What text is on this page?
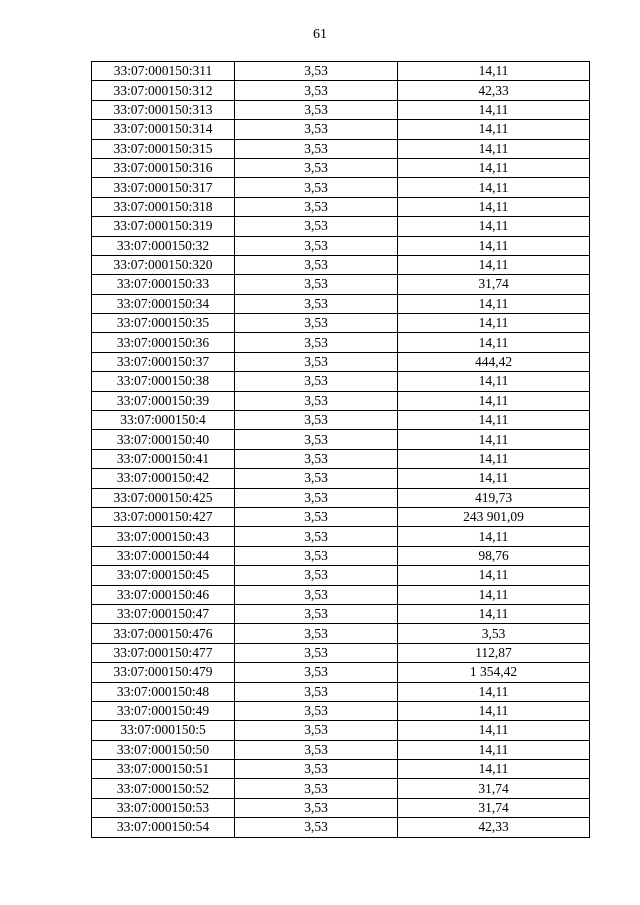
61
33:07:000150:311	3,53	14,11
33:07:000150:312	3,53	42,33
33:07:000150:313	3,53	14,11
33:07:000150:314	3,53	14,11
33:07:000150:315	3,53	14,11
33:07:000150:316	3,53	14,11
33:07:000150:317	3,53	14,11
33:07:000150:318	3,53	14,11
33:07:000150:319	3,53	14,11
33:07:000150:32	3,53	14,11
33:07:000150:320	3,53	14,11
33:07:000150:33	3,53	31,74
33:07:000150:34	3,53	14,11
33:07:000150:35	3,53	14,11
33:07:000150:36	3,53	14,11
33:07:000150:37	3,53	444,42
33:07:000150:38	3,53	14,11
33:07:000150:39	3,53	14,11
33:07:000150:4	3,53	14,11
33:07:000150:40	3,53	14,11
33:07:000150:41	3,53	14,11
33:07:000150:42	3,53	14,11
33:07:000150:425	3,53	419,73
33:07:000150:427	3,53	243 901,09
33:07:000150:43	3,53	14,11
33:07:000150:44	3,53	98,76
33:07:000150:45	3,53	14,11
33:07:000150:46	3,53	14,11
33:07:000150:47	3,53	14,11
33:07:000150:476	3,53	3,53
33:07:000150:477	3,53	112,87
33:07:000150:479	3,53	1 354,42
33:07:000150:48	3,53	14,11
33:07:000150:49	3,53	14,11
33:07:000150:5	3,53	14,11
33:07:000150:50	3,53	14,11
33:07:000150:51	3,53	14,11
33:07:000150:52	3,53	31,74
33:07:000150:53	3,53	31,74
33:07:000150:54	3,53	42,33
